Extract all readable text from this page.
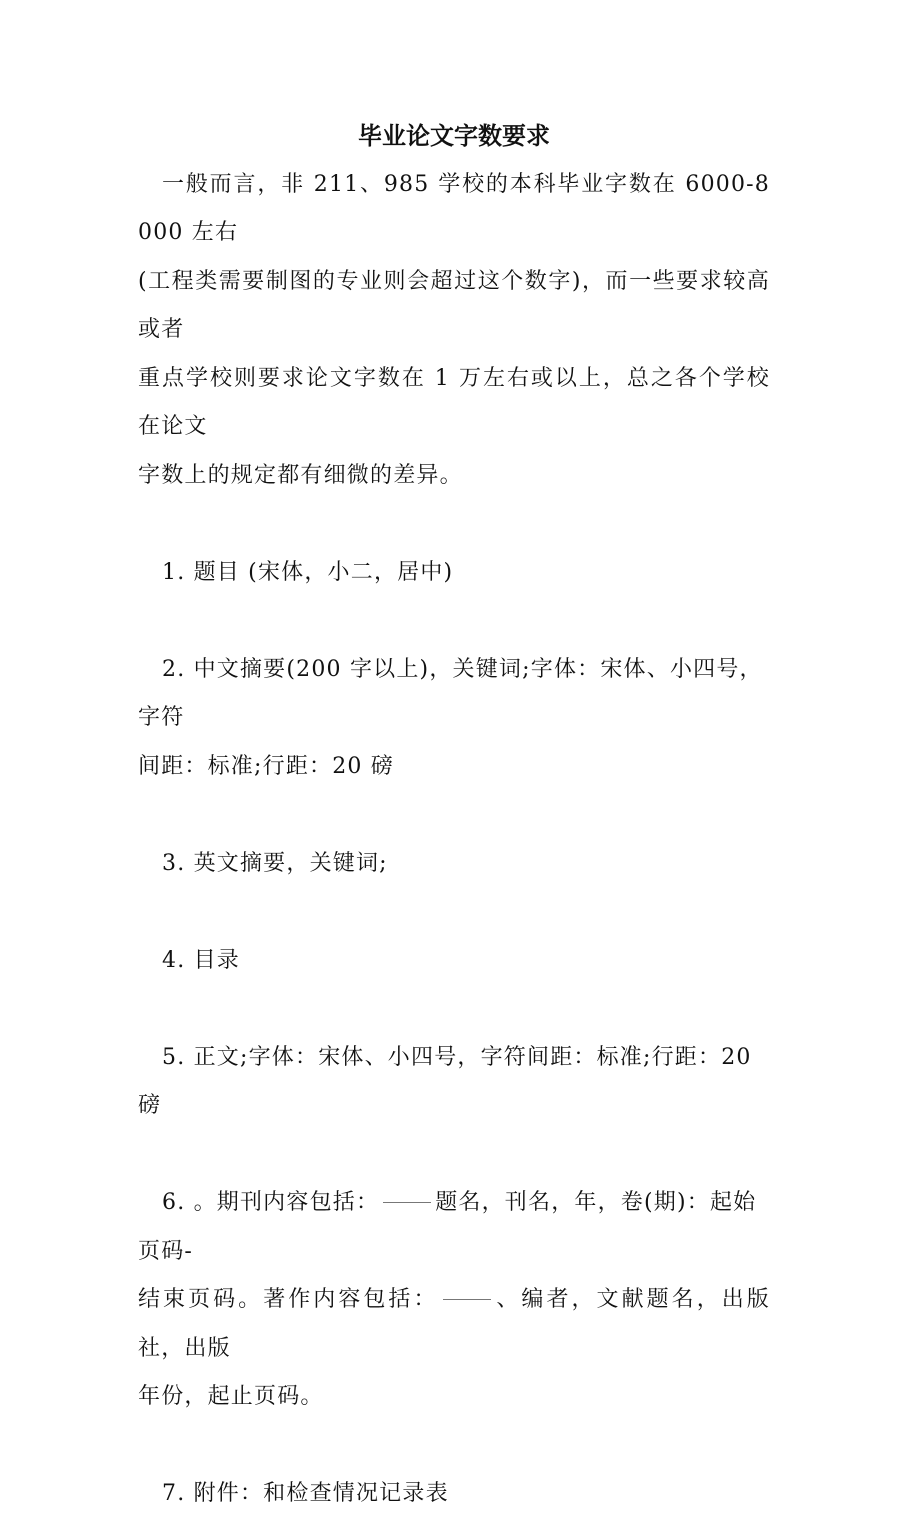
毕业论文字数要求

一般而言，非 211、985 学校的本科毕业字数在 6000-8000 左右

(工程类需要制图的专业则会超过这个数字)，而一些要求较高或者

重点学校则要求论文字数在 1 万左右或以上，总之各个学校在论文

字数上的规定都有细微的差异。

1. 题目 (宋体，小二，居中)

2. 中文摘要(200 字以上)，关键词;字体：宋体、小四号，字符

间距：标准;行距：20 磅

3. 英文摘要，关键词;

4. 目录

5. 正文;字体：宋体、小四号，字符间距：标准;行距：20 磅

6. 。期刊内容包括：	题名，刊名，年，卷(期)：起始页码-

结束页码。著作内容包括：	、编者，文献题名，出版社，出版

年份，起止页码。

7. 附件：和检查情况记录表
